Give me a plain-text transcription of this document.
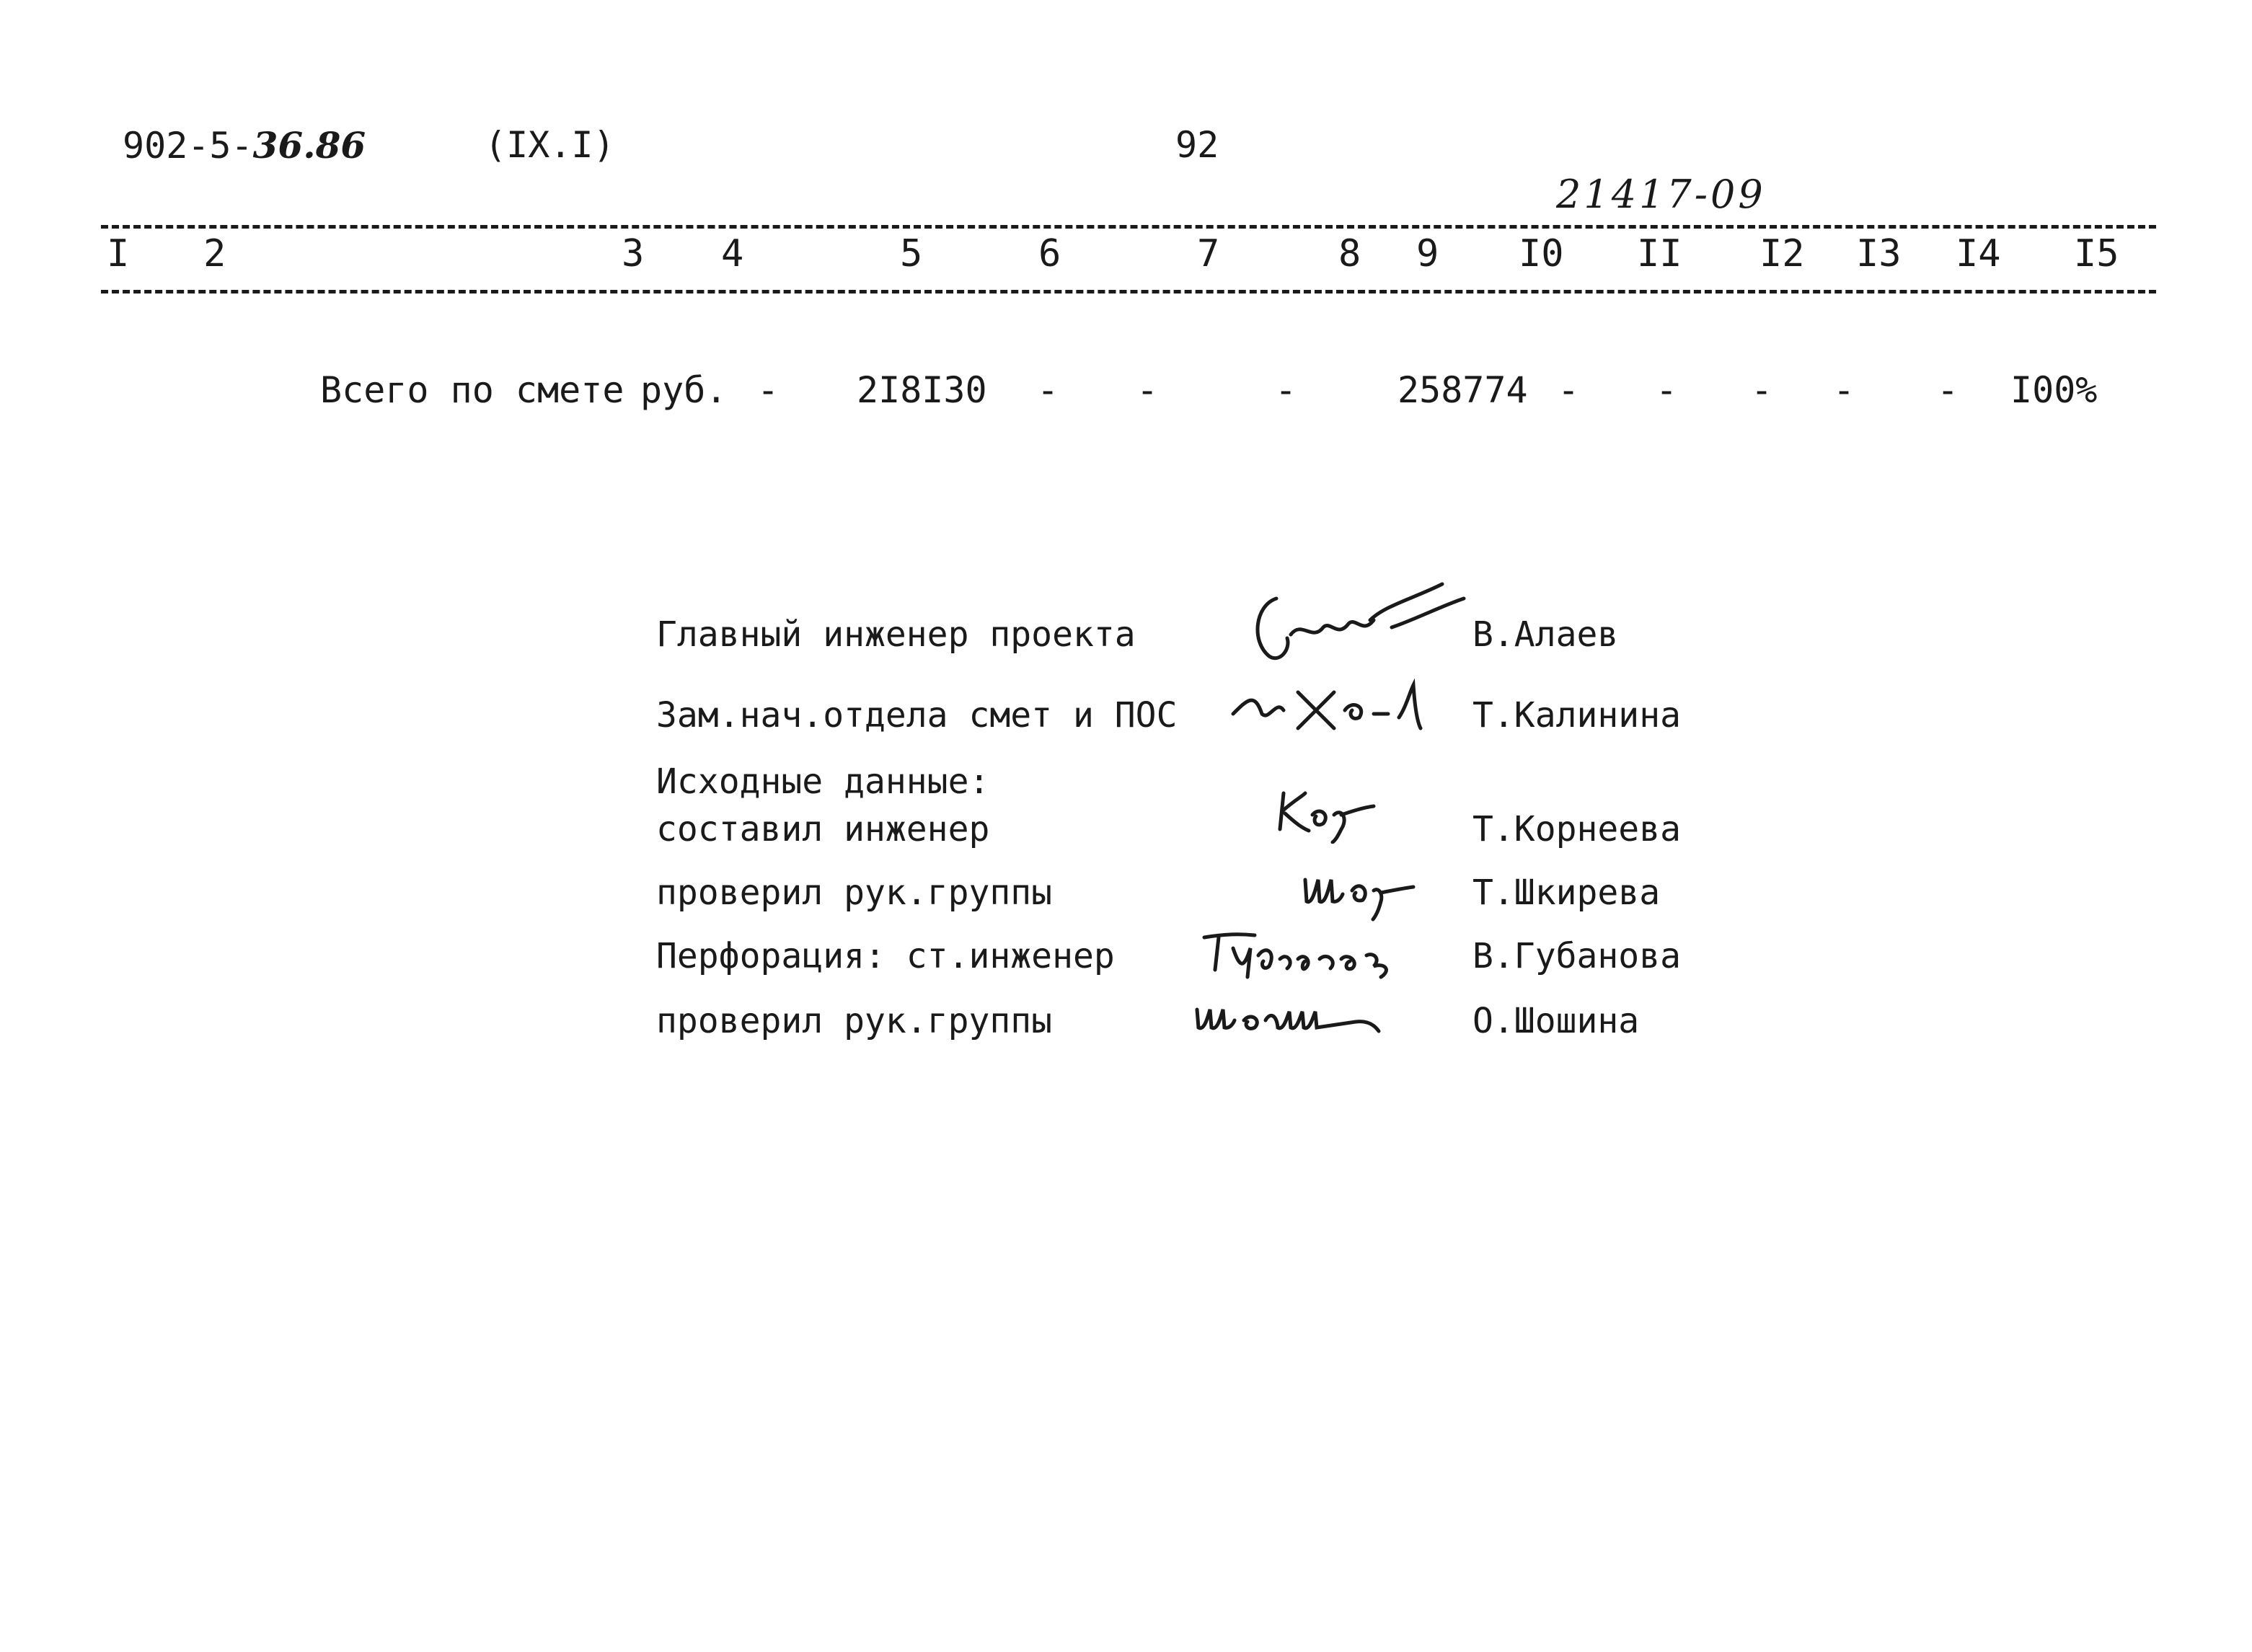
902-5-36.86	(IX.I)	92
21417-09
I 2	3 4	5	6	7	8 9 I0 II I2 I3 I4 I5
Всего по смете руб. - 2I8I30 - -	-	258774 - - - - - I00%
Главный инженер проекта	В.Алаев
Зам.нач.отдела смет и ПОС	Т.Калинина
Исходные данные:
составил инженер	Т.Корнеева
проверил рук.группы	Т.Шкирева
Перфорация: ст.инженер	В.Губанова
проверил рук.группы	О.Шошина
